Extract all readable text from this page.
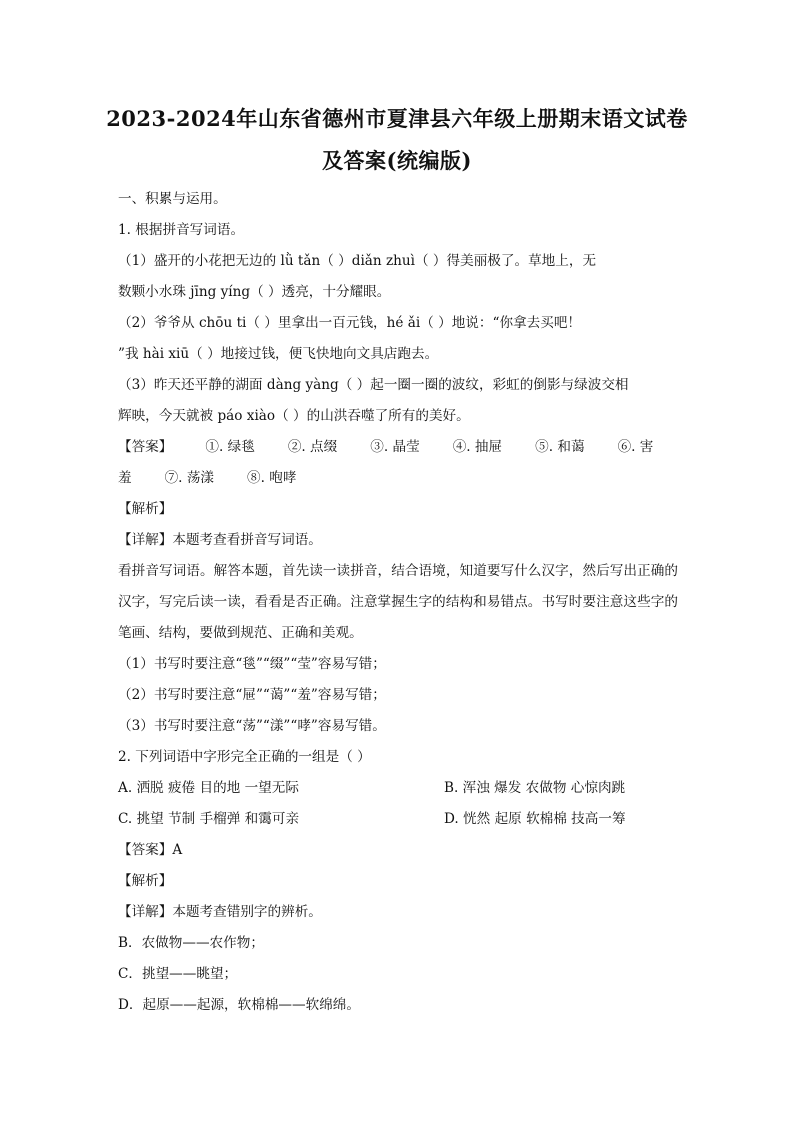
2023-2024年山东省德州市夏津县六年级上册期末语文试卷
及答案(统编版)

一、积累与运用。

1. 根据拼音写词语。

（1）盛开的小花把无边的 lǜ tǎn（ ）diǎn zhuì（ ）得美丽极了。草地上，无

数颗小水珠 jīng yíng（ ）透亮，十分耀眼。

（2）爷爷从 chōu ti（ ）里拿出一百元钱，hé ǎi（ ）地说：“你拿去买吧！

”我 hài xiū（ ）地接过钱，便飞快地向文具店跑去。

（3）昨天还平静的湖面 dàng yàng（ ）起一圈一圈的波纹，彩虹的倒影与绿波交相

辉映，今天就被 páo xiào（ ）的山洪吞噬了所有的美好。

【答案】 ①. 绿毯 ②. 点缀 ③. 晶莹 ④. 抽屉 ⑤. 和蔼 ⑥. 害
羞 ⑦. 荡漾 ⑧. 咆哮

【解析】

【详解】本题考查看拼音写词语。

看拼音写词语。解答本题，首先读一读拼音，结合语境，知道要写什么汉字，然后写出正确的汉字，写完后读一读，看看是否正确。注意掌握生字的结构和易错点。书写时要注意这些字的笔画、结构，要做到规范、正确和美观。

（1）书写时要注意“毯”“缀”“莹”容易写错；

（2）书写时要注意“屉”“蔼”“羞”容易写错；

（3）书写时要注意“荡”“漾”“哮”容易写错。

2. 下列词语中字形完全正确的一组是（ ）

A. 洒脱 疲倦 目的地 一望无际	B. 浑浊 爆发 农做物 心惊肉跳
C. 挑望 节制 手榴弹 和霭可亲	D. 恍然 起原 软棉棉 技高一筹

【答案】A

【解析】

【详解】本题考查错别字的辨析。

B．农做物——农作物；

C．挑望——眺望；

D．起原——起源，软棉棉——软绵绵。
